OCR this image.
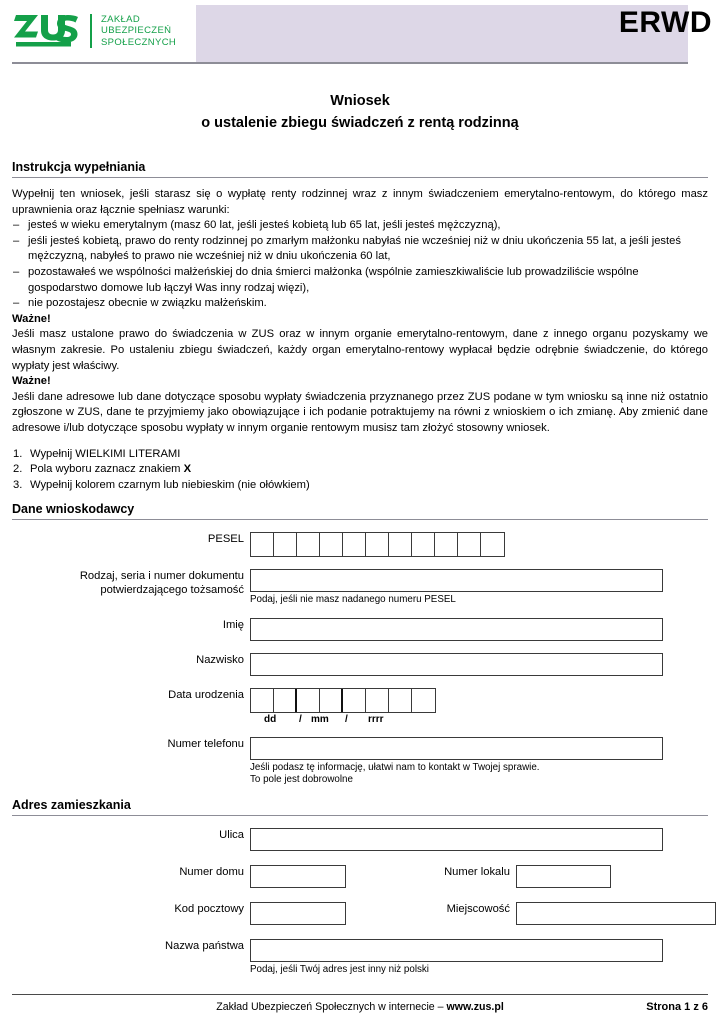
ZAKŁAD
UBEZPIECZEŃ
SPOŁECZNYCH
ERWD
Wniosek
o ustalenie zbiegu świadczeń z rentą rodzinną
Instrukcja wypełniania

Wypełnij ten wniosek, jeśli starasz się o wypłatę renty rodzinnej wraz z innym świadczeniem emerytalno-rentowym, do którego masz uprawnienia oraz łącznie spełniasz warunki:

– jesteś w wieku emerytalnym (masz 60 lat, jeśli jesteś kobietą lub 65 lat, jeśli jesteś mężczyzną),
– jeśli jesteś kobietą, prawo do renty rodzinnej po zmarłym małżonku nabyłaś nie wcześniej niż w dniu ukończenia 55 lat, a jeśli jesteś mężczyzną, nabyłeś to prawo nie wcześniej niż w dniu ukończenia 60 lat,
– pozostawałeś we wspólności małżeńskiej do dnia śmierci małżonka (wspólnie zamieszkiwaliście lub prowadziliście wspólne gospodarstwo domowe lub łączył Was inny rodzaj więzi),
– nie pozostajesz obecnie w związku małżeńskim.

Ważne!

Jeśli masz ustalone prawo do świadczenia w ZUS oraz w innym organie emerytalno-rentowym, dane z innego organu pozyskamy we własnym zakresie. Po ustaleniu zbiegu świadczeń, każdy organ emerytalno-rentowy wypłacał będzie odrębnie świadczenie, do którego wypłaty jest właściwy.

Ważne!

Jeśli dane adresowe lub dane dotyczące sposobu wypłaty świadczenia przyznanego przez ZUS podane w tym wniosku są inne niż ostatnio zgłoszone w ZUS, dane te przyjmiemy jako obowiązujące i ich podanie potraktujemy na równi z wnioskiem o ich zmianę. Aby zmienić dane adresowe i/lub dotyczące sposobu wypłaty w innym organie rentowym musisz tam złożyć stosowny wniosek.

Wypełnij WIELKIMI LITERAMI
Pola wyboru zaznacz znakiem X
Wypełnij kolorem czarnym lub niebieskim (nie ołówkiem)
Dane wnioskodawcy
PESEL
Rodzaj, seria i numer dokumentu
potwierdzającego tożsamość
Podaj, jeśli nie masz nadanego numeru PESEL
Imię
Nazwisko
Data urodzenia
dd / mm / rrrr
Numer telefonu
Jeśli podasz tę informację, ułatwi nam to kontakt w Twojej sprawie.
To pole jest dobrowolne
Adres zamieszkania
Ulica
Numer domu	Numer lokalu
Kod pocztowy	Miejscowość
Nazwa państwa
Podaj, jeśli Twój adres jest inny niż polski
Zakład Ubezpieczeń Społecznych w internecie – www.zus.pl	Strona 1 z 6
